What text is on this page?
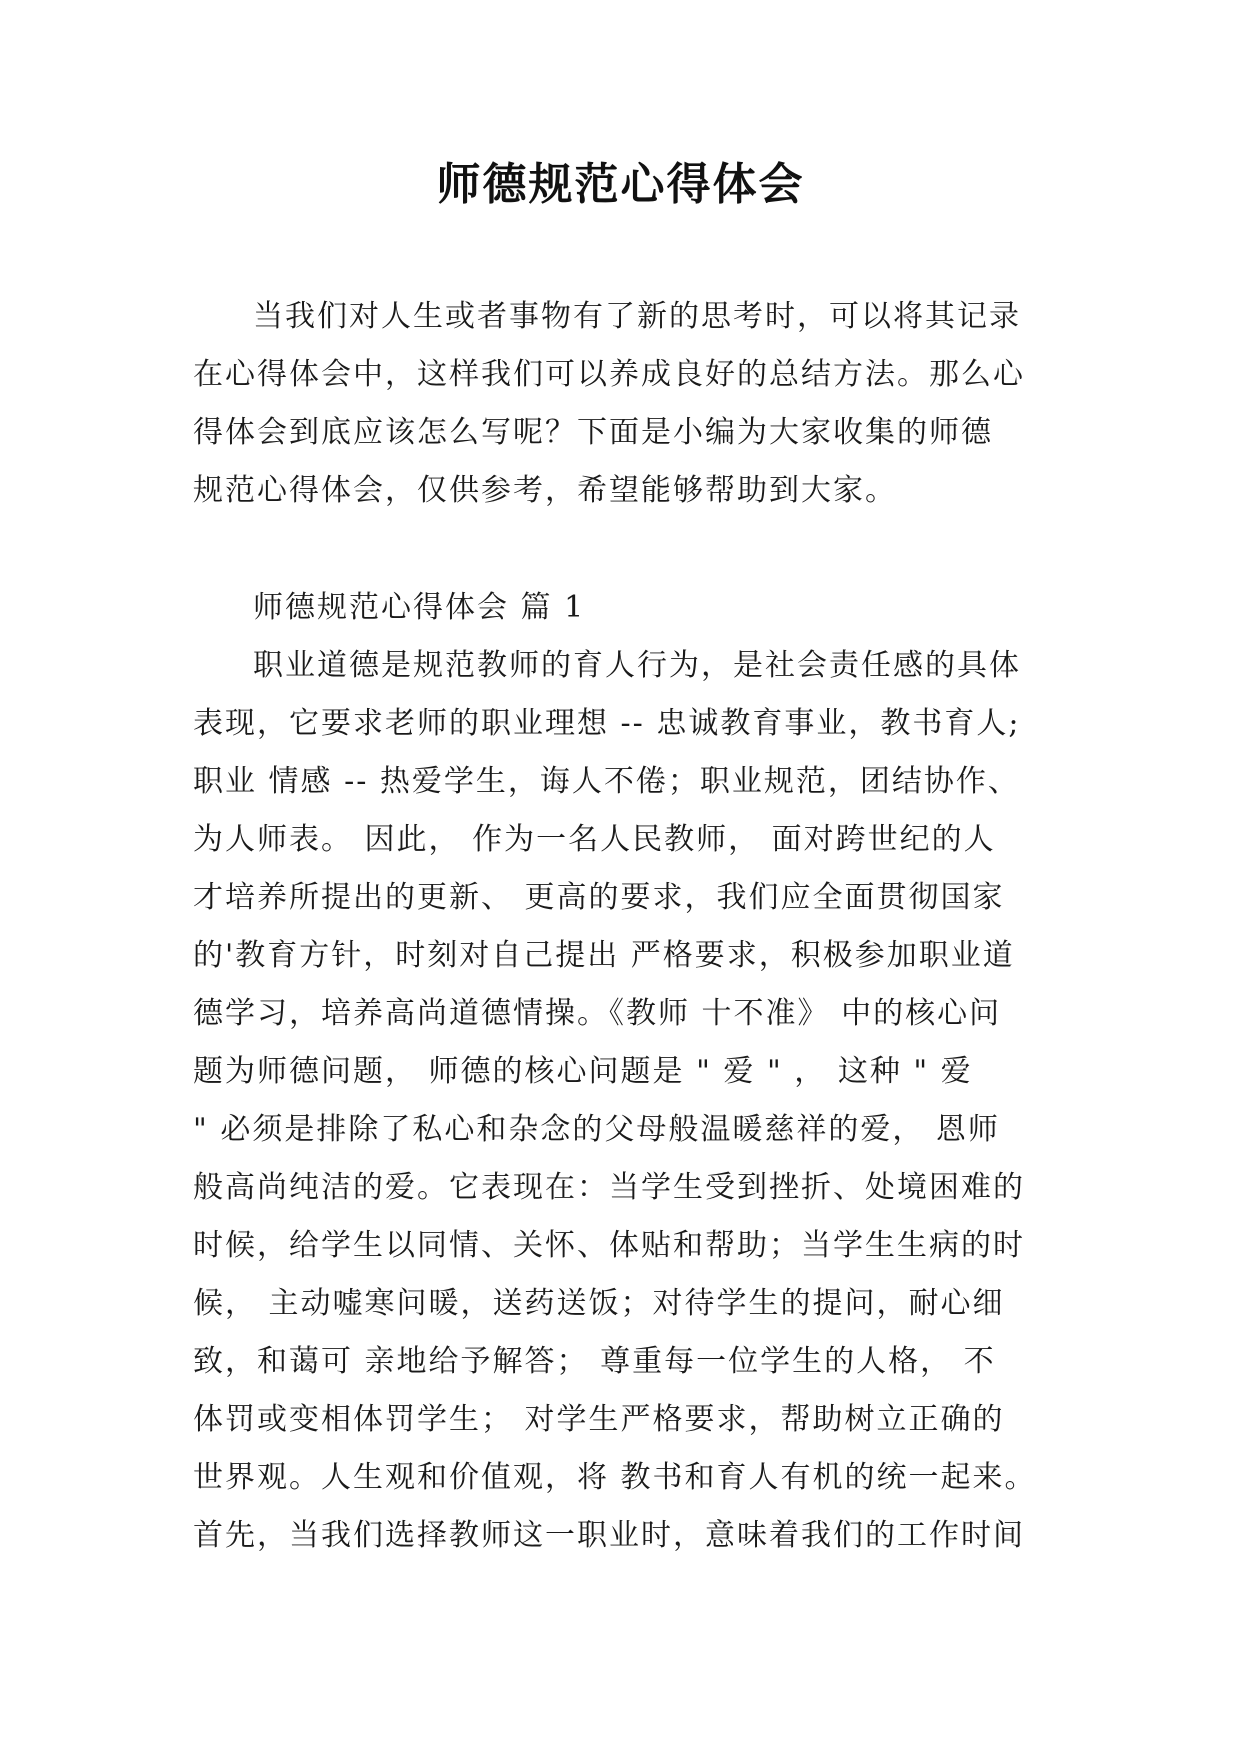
师德规范心得体会
当我们对人生或者事物有了新的思考时，可以将其记录
在心得体会中，这样我们可以养成良好的总结方法。那么心
得体会到底应该怎么写呢？下面是小编为大家收集的师德
规范心得体会，仅供参考，希望能够帮助到大家。
师德规范心得体会 篇 1
职业道德是规范教师的育人行为，是社会责任感的具体
表现，它要求老师的职业理想 -- 忠诚教育事业，教书育人;
职业 情感 -- 热爱学生，诲人不倦；职业规范，团结协作、
为人师表。 因此， 作为一名人民教师， 面对跨世纪的人
才培养所提出的更新、 更高的要求，我们应全面贯彻国家
的'教育方针，时刻对自己提出 严格要求，积极参加职业道
德学习，培养高尚道德情操。《教师 十不准》 中的核心问
题为师德问题， 师德的核心问题是 " 爱 " ， 这种 " 爱
" 必须是排除了私心和杂念的父母般温暖慈祥的爱， 恩师
般高尚纯洁的爱。它表现在：当学生受到挫折、处境困难的
时候，给学生以同情、关怀、体贴和帮助；当学生生病的时
候， 主动嘘寒问暖，送药送饭；对待学生的提问，耐心细
致，和蔼可 亲地给予解答； 尊重每一位学生的人格， 不
体罚或变相体罚学生； 对学生严格要求，帮助树立正确的
世界观。人生观和价值观，将 教书和育人有机的统一起来。
首先，当我们选择教师这一职业时，意味着我们的工作时间
